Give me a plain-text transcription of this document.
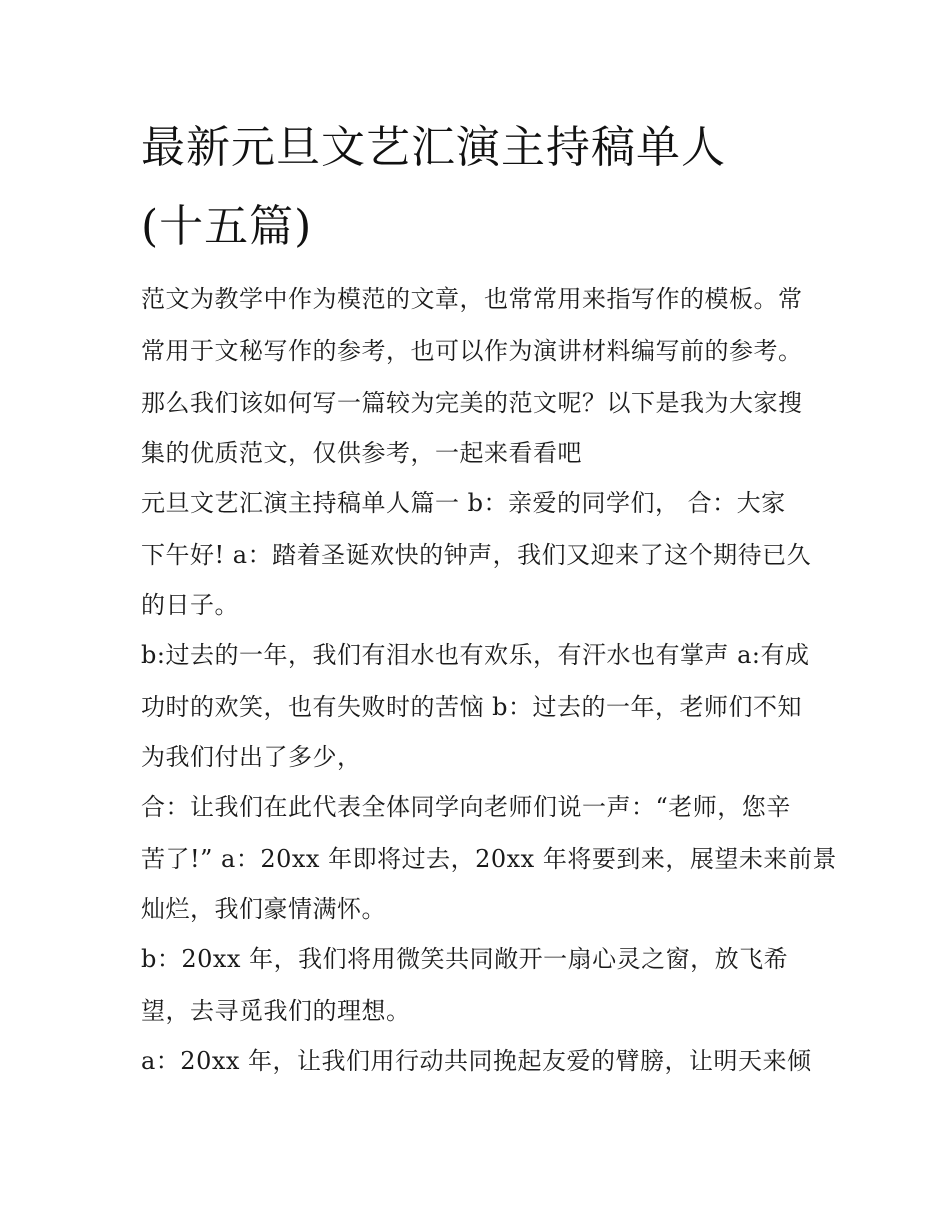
最新元旦文艺汇演主持稿单人
(十五篇)
范文为教学中作为模范的文章，也常常用来指写作的模板。常
常用于文秘写作的参考，也可以作为演讲材料编写前的参考。
那么我们该如何写一篇较为完美的范文呢？以下是我为大家搜
集的优质范文，仅供参考，一起来看看吧
元旦文艺汇演主持稿单人篇一 b：亲爱的同学们， 合：大家
下午好! a：踏着圣诞欢快的钟声，我们又迎来了这个期待已久
的日子。
b:过去的一年，我们有泪水也有欢乐，有汗水也有掌声 a:有成
功时的欢笑，也有失败时的苦恼 b：过去的一年，老师们不知
为我们付出了多少，
合：让我们在此代表全体同学向老师们说一声：“老师，您辛
苦了!” a：20xx 年即将过去，20xx 年将要到来，展望未来前景
灿烂，我们豪情满怀。
b：20xx 年，我们将用微笑共同敞开一扇心灵之窗，放飞希
望，去寻觅我们的理想。
a：20xx 年，让我们用行动共同挽起友爱的臂膀，让明天来倾
